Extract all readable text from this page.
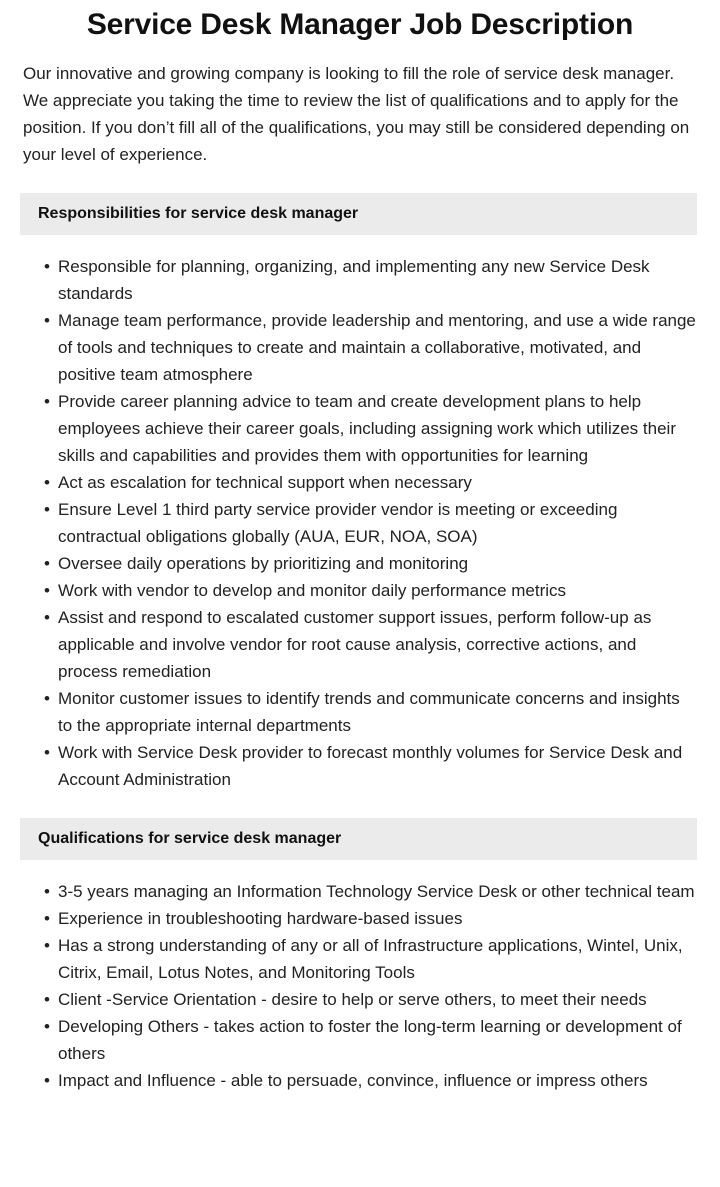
Service Desk Manager Job Description

Our innovative and growing company is looking to fill the role of service desk manager. We appreciate you taking the time to review the list of qualifications and to apply for the position. If you don’t fill all of the qualifications, you may still be considered depending on your level of experience.

Responsibilities for service desk manager
• Responsible for planning, organizing, and implementing any new Service Desk standards
• Manage team performance, provide leadership and mentoring, and use a wide range of tools and techniques to create and maintain a collaborative, motivated, and positive team atmosphere
• Provide career planning advice to team and create development plans to help employees achieve their career goals, including assigning work which utilizes their skills and capabilities and provides them with opportunities for learning
• Act as escalation for technical support when necessary
• Ensure Level 1 third party service provider vendor is meeting or exceeding contractual obligations globally (AUA, EUR, NOA, SOA)
• Oversee daily operations by prioritizing and monitoring
• Work with vendor to develop and monitor daily performance metrics
• Assist and respond to escalated customer support issues, perform follow-up as applicable and involve vendor for root cause analysis, corrective actions, and process remediation
• Monitor customer issues to identify trends and communicate concerns and insights to the appropriate internal departments
• Work with Service Desk provider to forecast monthly volumes for Service Desk and Account Administration
Qualifications for service desk manager
• 3-5 years managing an Information Technology Service Desk or other technical team
• Experience in troubleshooting hardware-based issues
• Has a strong understanding of any or all of Infrastructure applications, Wintel, Unix, Citrix, Email, Lotus Notes, and Monitoring Tools
• Client -Service Orientation - desire to help or serve others, to meet their needs
• Developing Others - takes action to foster the long-term learning or development of others
• Impact and Influence - able to persuade, convince, influence or impress others
